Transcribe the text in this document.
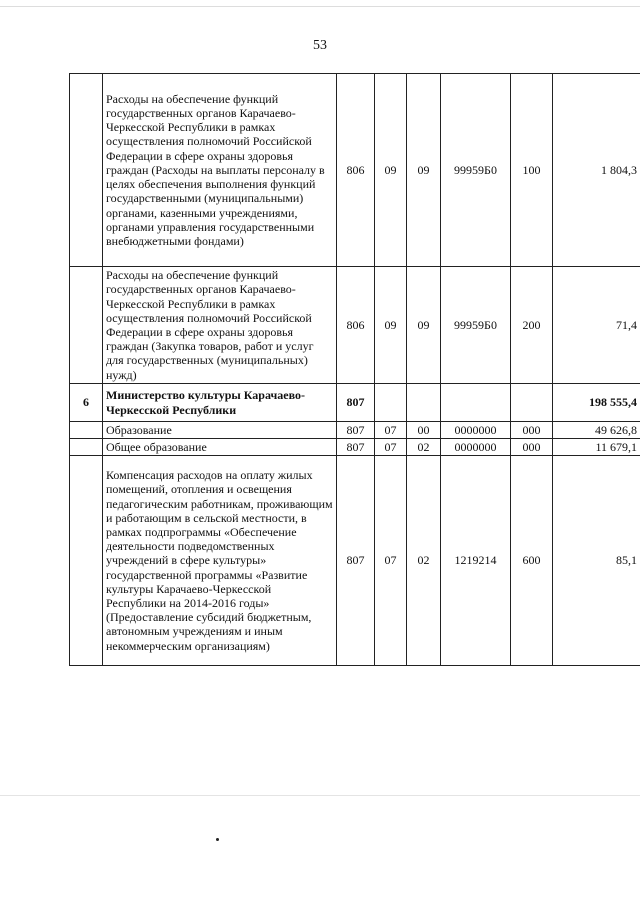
53
	Расходы на обеспечение функций государственных органов Карачаево-Черкесской Республики в рамках осуществления полномочий Российской Федерации в сфере охраны здоровья граждан (Расходы на выплаты персоналу в целях обеспечения выполнения функций государственными (муниципальными) органами, казенными учреждениями, органами управления государственными внебюджетными фондами)	806	09	09	99959Б0	100	1 804,3
	Расходы на обеспечение функций государственных органов Карачаево-Черкесской Республики в рамках осуществления полномочий Российской Федерации в сфере охраны здоровья граждан (Закупка товаров, работ и услуг для государственных (муниципальных) нужд)	806	09	09	99959Б0	200	71,4
6	Министерство культуры Карачаево-Черкесской Республики	807					198 555,4
	Образование	807	07	00	0000000	000	49 626,8
	Общее образование	807	07	02	0000000	000	11 679,1
	Компенсация расходов на оплату жилых помещений, отопления и освещения педагогическим работникам, проживающим и работающим в сельской местности, в рамках подпрограммы «Обеспечение деятельности подведомственных учреждений в сфере культуры» государственной программы «Развитие культуры Карачаево-Черкесской Республики на 2014-2016 годы» (Предоставление субсидий бюджетным, автономным учреждениям и иным некоммерческим организациям)	807	07	02	1219214	600	85,1
